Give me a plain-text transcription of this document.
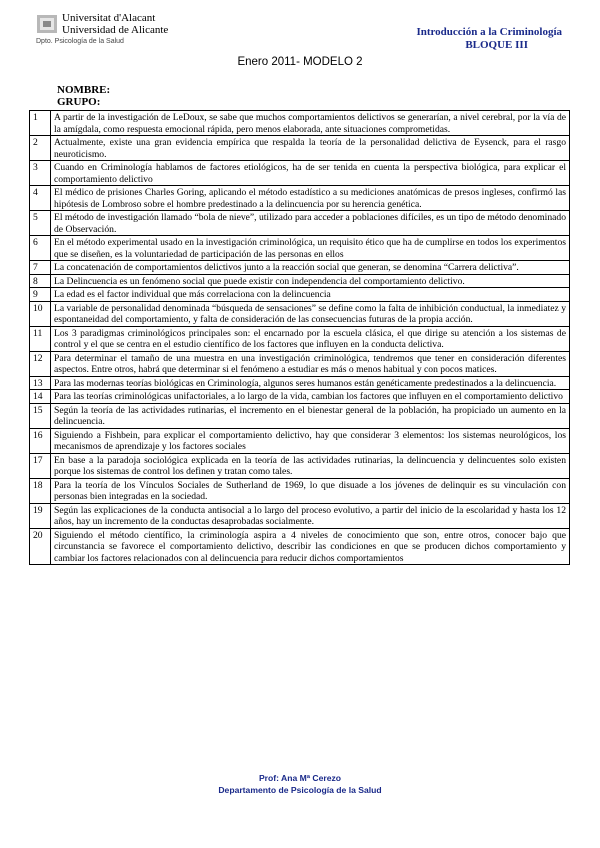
Universitat d'Alacant
Universidad de Alicante
Dpto. Psicología de la Salud
Introducción a la Criminología
BLOQUE III
Enero 2011- MODELO 2
NOMBRE:
GRUPO:
1	A partir de la investigación de LeDoux, se sabe que muchos comportamientos delictivos se generarían, a nivel cerebral, por la vía de la amígdala, como respuesta emocional rápida, pero menos elaborada, ante situaciones comprometidas.
2	Actualmente, existe una gran evidencia empírica que respalda la teoría de la personalidad delictiva de Eysenck, para el rasgo neuroticismo.
3	Cuando en Criminología hablamos de factores etiológicos, ha de ser tenida en cuenta la perspectiva biológica, para explicar el comportamiento delictivo
4	El médico de prisiones Charles Goring, aplicando el método estadístico a su mediciones anatómicas de presos ingleses, confirmó las hipótesis de Lombroso sobre el hombre predestinado a la delincuencia por su herencia genética.
5	El método de investigación llamado “bola de nieve”, utilizado para acceder a poblaciones difíciles, es un tipo de método denominado de Observación.
6	En el método experimental usado en la investigación criminológica, un requisito ético que ha de cumplirse en todos los experimentos que se diseñen, es la voluntariedad de participación de las personas en ellos
7	La concatenación de comportamientos delictivos junto a la reacción social que generan, se denomina “Carrera delictiva”.
8	La Delincuencia es un fenómeno social que puede existir con independencia del comportamiento delictivo.
9	La edad es el factor individual que más correlaciona con la delincuencia
10	La variable de personalidad denominada “búsqueda de sensaciones” se define como la falta de inhibición conductual, la inmediatez y espontaneidad del comportamiento, y falta de consideración de las consecuencias futuras de la propia acción.
11	Los 3 paradigmas criminológicos principales son: el encarnado por la escuela clásica, el que dirige su atención a los sistemas de control y el que se centra en el estudio científico de los factores que influyen en la conducta delictiva.
12	Para determinar el tamaño de una muestra en una investigación criminológica, tendremos que tener en consideración diferentes aspectos. Entre otros, habrá que determinar si el fenómeno a estudiar es más o menos habitual y con pocos matices.
13	Para las modernas teorías biológicas en Criminología, algunos seres humanos están genéticamente predestinados a la delincuencia.
14	Para las teorías criminológicas unifactoriales, a lo largo de la vida, cambian los factores que influyen en el comportamiento delictivo
15	Según la teoría de las actividades rutinarias, el incremento en el bienestar general de la población, ha propiciado un aumento en la delincuencia.
16	Siguiendo a Fishbein, para explicar el comportamiento delictivo, hay que considerar 3 elementos: los sistemas neurológicos, los mecanismos de aprendizaje y los factores sociales
17	En base a la paradoja sociológica explicada en la teoría de las actividades rutinarias, la delincuencia y delincuentes solo existen porque los sistemas de control los definen y tratan como tales.
18	Para la teoría de los Vínculos Sociales de Sutherland de 1969, lo que disuade a los jóvenes de delinquir es su vinculación con personas bien integradas en la sociedad.
19	Según las explicaciones de la conducta antisocial a lo largo del proceso evolutivo, a partir del inicio de la escolaridad y hasta los 12 años, hay un incremento de la conductas desaprobadas socialmente.
20	Siguiendo el método científico, la criminología aspira a 4 niveles de conocimiento que son, entre otros, conocer bajo que circunstancia se favorece el comportamiento delictivo, describir las condiciones en que se producen dichos comportamiento y cambiar los factores relacionados con al delincuencia para reducir dichos comportamientos
Prof: Ana Mª Cerezo
Departamento de Psicología de la Salud
